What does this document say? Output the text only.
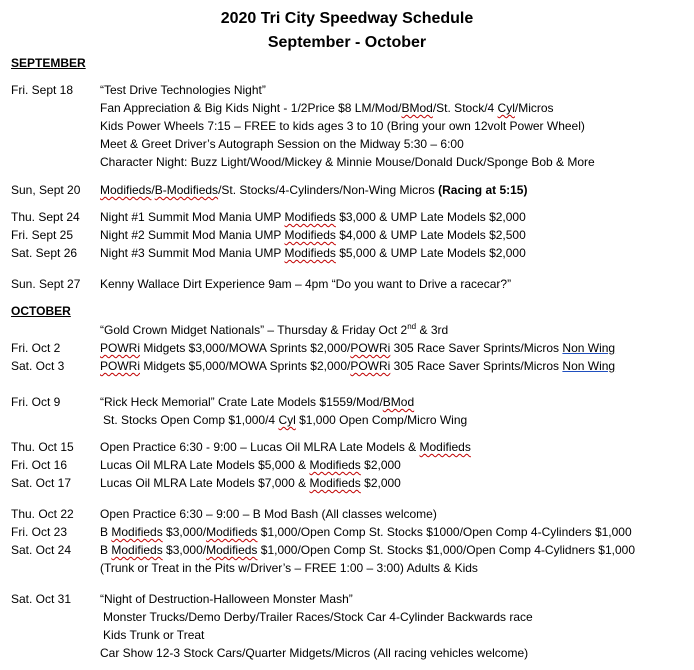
2020 Tri City Speedway Schedule
September - October
SEPTEMBER
Fri. Sept 18 “Test Drive Technologies Night”
Fan Appreciation & Big Kids Night - 1/2Price $8 LM/Mod/BMod/St. Stock/4 Cyl/Micros
Kids Power Wheels 7:15 – FREE to kids ages 3 to 10 (Bring your own 12volt Power Wheel)
Meet & Greet Driver’s Autograph Session on the Midway 5:30 – 6:00
Character Night: Buzz Light/Wood/Mickey & Minnie Mouse/Donald Duck/Sponge Bob & More
Sun, Sept 20 Modifieds/B-Modifieds/St. Stocks/4-Cylinders/Non-Wing Micros (Racing at 5:15)
Thu. Sept 24 Night #1 Summit Mod Mania UMP Modifieds $3,000 & UMP Late Models $2,000
Fri. Sept 25 Night #2 Summit Mod Mania UMP Modifieds $4,000 & UMP Late Models $2,500
Sat. Sept 26 Night #3 Summit Mod Mania UMP Modifieds $5,000 & UMP Late Models $2,000
Sun. Sept 27 Kenny Wallace Dirt Experience 9am – 4pm “Do you want to Drive a racecar?”
OCTOBER
“Gold Crown Midget Nationals” – Thursday & Friday Oct 2nd & 3rd
Fri. Oct 2	POWRi Midgets $3,000/MOWA Sprints $2,000/POWRi 305 Race Saver Sprints/Micros Non Wing
Sat. Oct 3	POWRi Midgets $5,000/MOWA Sprints $2,000/POWRi 305 Race Saver Sprints/Micros Non Wing
Fri. Oct 9	“Rick Heck Memorial” Crate Late Models $1559/Mod/BMod
St. Stocks Open Comp $1,000/4 Cyl $1,000 Open Comp/Micro Wing
Thu. Oct 15 Open Practice 6:30 - 9:00 – Lucas Oil MLRA Late Models & Modifieds
Fri. Oct 16	Lucas Oil MLRA Late Models $5,000 & Modifieds $2,000
Sat. Oct 17 Lucas Oil MLRA Late Models $7,000 & Modifieds $2,000
Thu. Oct 22 Open Practice 6:30 – 9:00 – B Mod Bash (All classes welcome)
Fri. Oct 23	B Modifieds $3,000/Modifieds $1,000/Open Comp St. Stocks $1000/Open Comp 4-Cylinders $1,000
Sat. Oct 24 B Modifieds $3,000/Modifieds $1,000/Open Comp St. Stocks $1,000/Open Comp 4-Cylidners $1,000
(Trunk or Treat in the Pits w/Driver’s – FREE 1:00 – 3:00) Adults & Kids
Sat. Oct 31 “Night of Destruction-Halloween Monster Mash”
Monster Trucks/Demo Derby/Trailer Races/Stock Car 4-Cylinder Backwards race
Kids Trunk or Treat
Car Show 12-3 Stock Cars/Quarter Midgets/Micros (All racing vehicles welcome)
